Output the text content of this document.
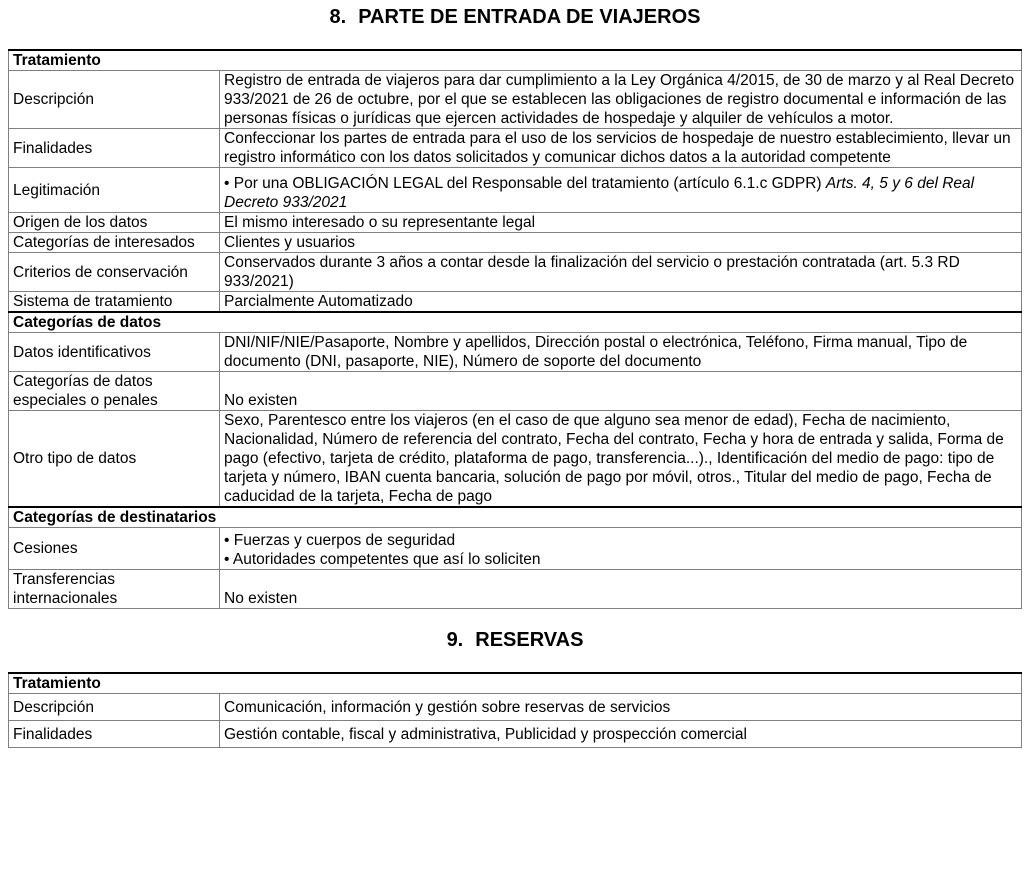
8. PARTE DE ENTRADA DE VIAJEROS
Tratamiento	
Descripción	Registro de entrada de viajeros para dar cumplimiento a la Ley Orgánica 4/2015, de 30 de marzo y al Real Decreto 933/2021 de 26 de octubre, por el que se establecen las obligaciones de registro documental e información de las personas físicas o jurídicas que ejercen actividades de hospedaje y alquiler de vehículos a motor.
Finalidades	Confeccionar los partes de entrada para el uso de los servicios de hospedaje de nuestro establecimiento, llevar un registro informático con los datos solicitados y comunicar dichos datos a la autoridad competente
Legitimación	• Por una OBLIGACIÓN LEGAL del Responsable del tratamiento (artículo 6.1.c GDPR) Arts. 4, 5 y 6 del Real Decreto 933/2021
Origen de los datos	El mismo interesado o su representante legal
Categorías de interesados	Clientes y usuarios
Criterios de conservación	Conservados durante 3 años a contar desde la finalización del servicio o prestación contratada (art. 5.3 RD 933/2021)
Sistema de tratamiento	Parcialmente Automatizado
Categorías de datos	
Datos identificativos	DNI/NIF/NIE/Pasaporte, Nombre y apellidos, Dirección postal o electrónica, Teléfono, Firma manual, Tipo de documento (DNI, pasaporte, NIE), Número de soporte del documento
Categorías de datos especiales o penales	No existen
Otro tipo de datos	Sexo, Parentesco entre los viajeros (en el caso de que alguno sea menor de edad), Fecha de nacimiento, Nacionalidad, Número de referencia del contrato, Fecha del contrato, Fecha y hora de entrada y salida, Forma de pago (efectivo, tarjeta de crédito, plataforma de pago, transferencia...)., Identificación del medio de pago: tipo de tarjeta y número, IBAN cuenta bancaria, solución de pago por móvil, otros., Titular del medio de pago, Fecha de caducidad de la tarjeta, Fecha de pago
Categorías de destinatarios	
Cesiones	• Fuerzas y cuerpos de seguridad
• Autoridades competentes que así lo soliciten

Transferencias internacionales	No existen
9. RESERVAS
Tratamiento	
Descripción	Comunicación, información y gestión sobre reservas de servicios
Finalidades	Gestión contable, fiscal y administrativa, Publicidad y prospección comercial
